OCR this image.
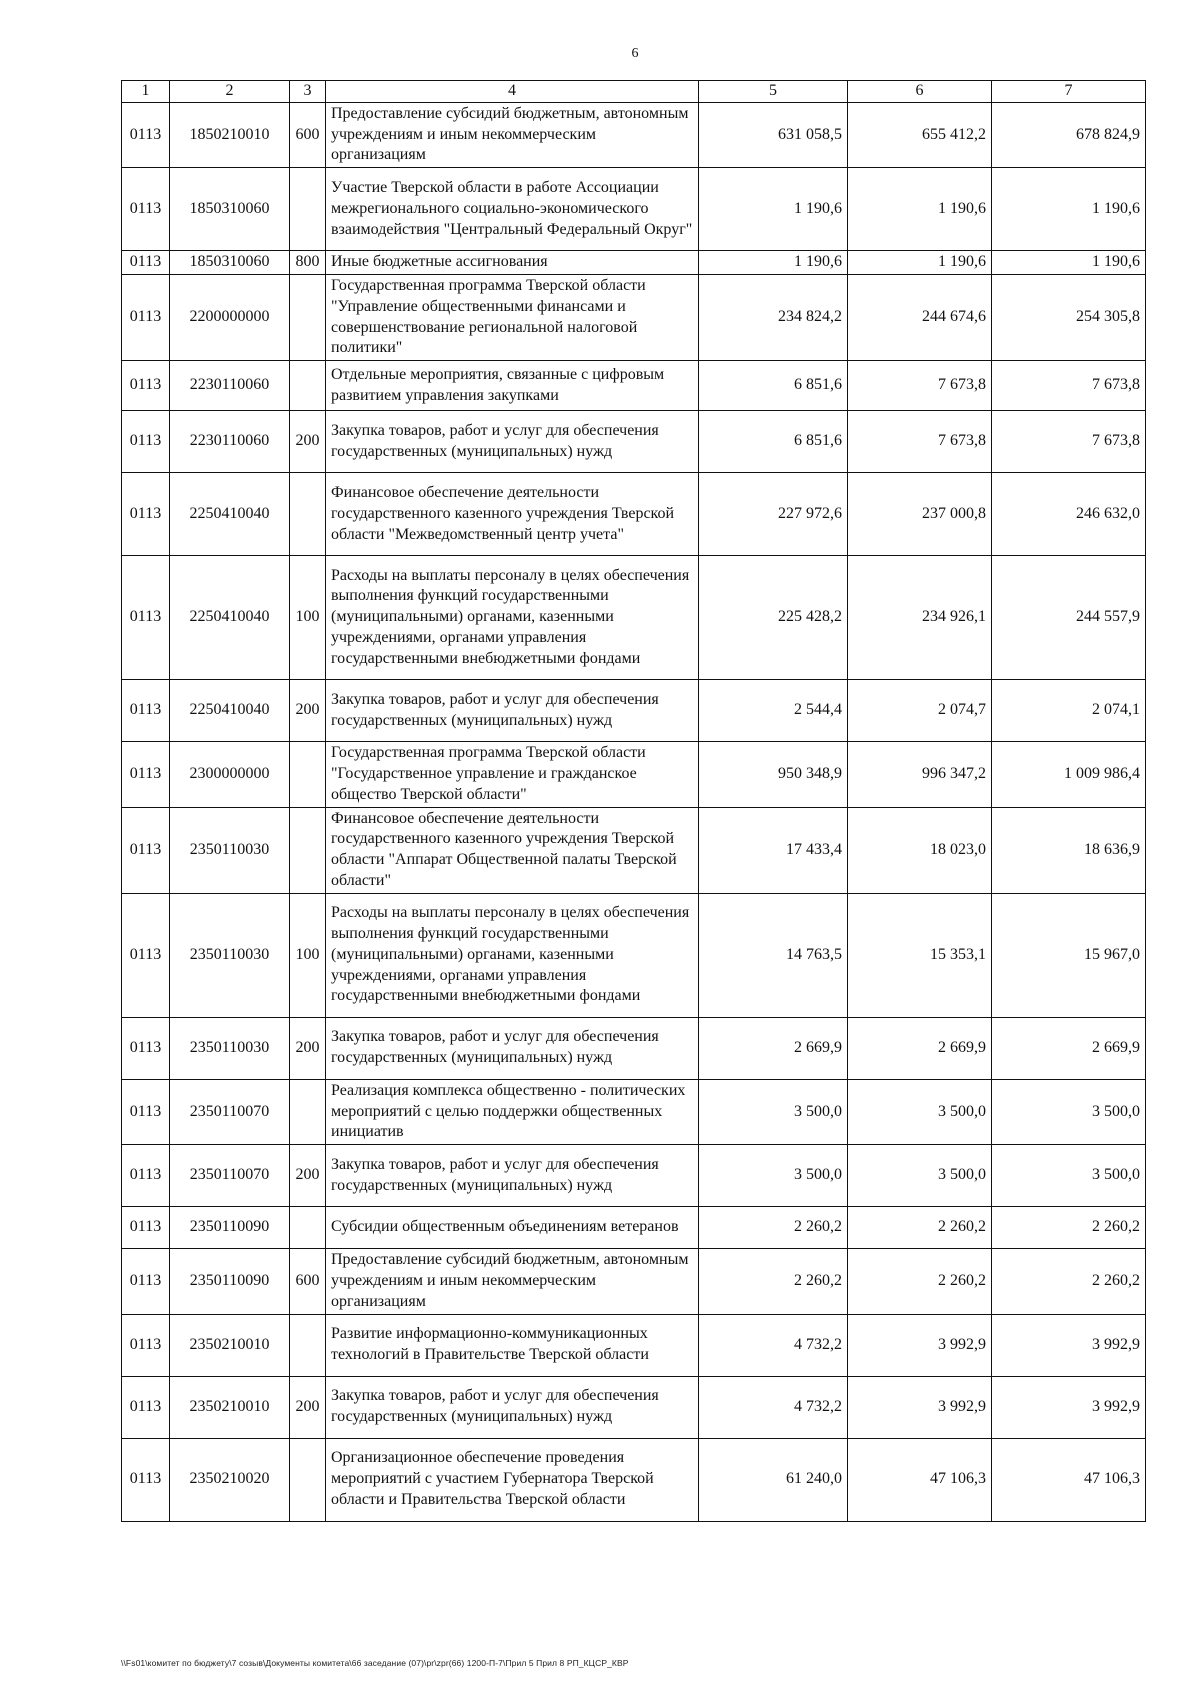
6
1	2	3	4	5	6	7
0113	1850210010	600	Предоставление субсидий бюджетным, автономным учреждениям и иным некоммерческим организациям	631 058,5	655 412,2	678 824,9
0113	1850310060		Участие Тверской области в работе Ассоциации межрегионального социально-экономического взаимодействия "Центральный Федеральный Округ"	1 190,6	1 190,6	1 190,6
0113	1850310060	800	Иные бюджетные ассигнования	1 190,6	1 190,6	1 190,6
0113	2200000000		Государственная программа Тверской области "Управление общественными финансами и совершенствование региональной налоговой политики"	234 824,2	244 674,6	254 305,8
0113	2230110060		Отдельные мероприятия, связанные с цифровым развитием управления закупками	6 851,6	7 673,8	7 673,8
0113	2230110060	200	Закупка товаров, работ и услуг для обеспечения государственных (муниципальных) нужд	6 851,6	7 673,8	7 673,8
0113	2250410040		Финансовое обеспечение деятельности государственного казенного учреждения Тверской области "Межведомственный центр учета"	227 972,6	237 000,8	246 632,0
0113	2250410040	100	Расходы на выплаты персоналу в целях обеспечения выполнения функций государственными (муниципальными) органами, казенными учреждениями, органами управления государственными внебюджетными фондами	225 428,2	234 926,1	244 557,9
0113	2250410040	200	Закупка товаров, работ и услуг для обеспечения государственных (муниципальных) нужд	2 544,4	2 074,7	2 074,1
0113	2300000000		Государственная программа Тверской области "Государственное управление и гражданское общество Тверской области"	950 348,9	996 347,2	1 009 986,4
0113	2350110030		Финансовое обеспечение деятельности государственного казенного учреждения Тверской области "Аппарат Общественной палаты Тверской области"	17 433,4	18 023,0	18 636,9
0113	2350110030	100	Расходы на выплаты персоналу в целях обеспечения выполнения функций государственными (муниципальными) органами, казенными учреждениями, органами управления государственными внебюджетными фондами	14 763,5	15 353,1	15 967,0
0113	2350110030	200	Закупка товаров, работ и услуг для обеспечения государственных (муниципальных) нужд	2 669,9	2 669,9	2 669,9
0113	2350110070		Реализация комплекса общественно - политических мероприятий с целью поддержки общественных инициатив	3 500,0	3 500,0	3 500,0
0113	2350110070	200	Закупка товаров, работ и услуг для обеспечения государственных (муниципальных) нужд	3 500,0	3 500,0	3 500,0
0113	2350110090		Субсидии общественным объединениям ветеранов	2 260,2	2 260,2	2 260,2
0113	2350110090	600	Предоставление субсидий бюджетным, автономным учреждениям и иным некоммерческим организациям	2 260,2	2 260,2	2 260,2
0113	2350210010		Развитие информационно-коммуникационных технологий в Правительстве Тверской области	4 732,2	3 992,9	3 992,9
0113	2350210010	200	Закупка товаров, работ и услуг для обеспечения государственных (муниципальных) нужд	4 732,2	3 992,9	3 992,9
0113	2350210020		Организационное обеспечение проведения мероприятий с участием Губернатора Тверской области и Правительства Тверской области	61 240,0	47 106,3	47 106,3
\\Fs01\комитет по бюджету\7 созыв\Документы комитета\66 заседание (07)\pr\zpr(66) 1200-П-7\Прил 5 Прил 8 РП_КЦСР_КВР
